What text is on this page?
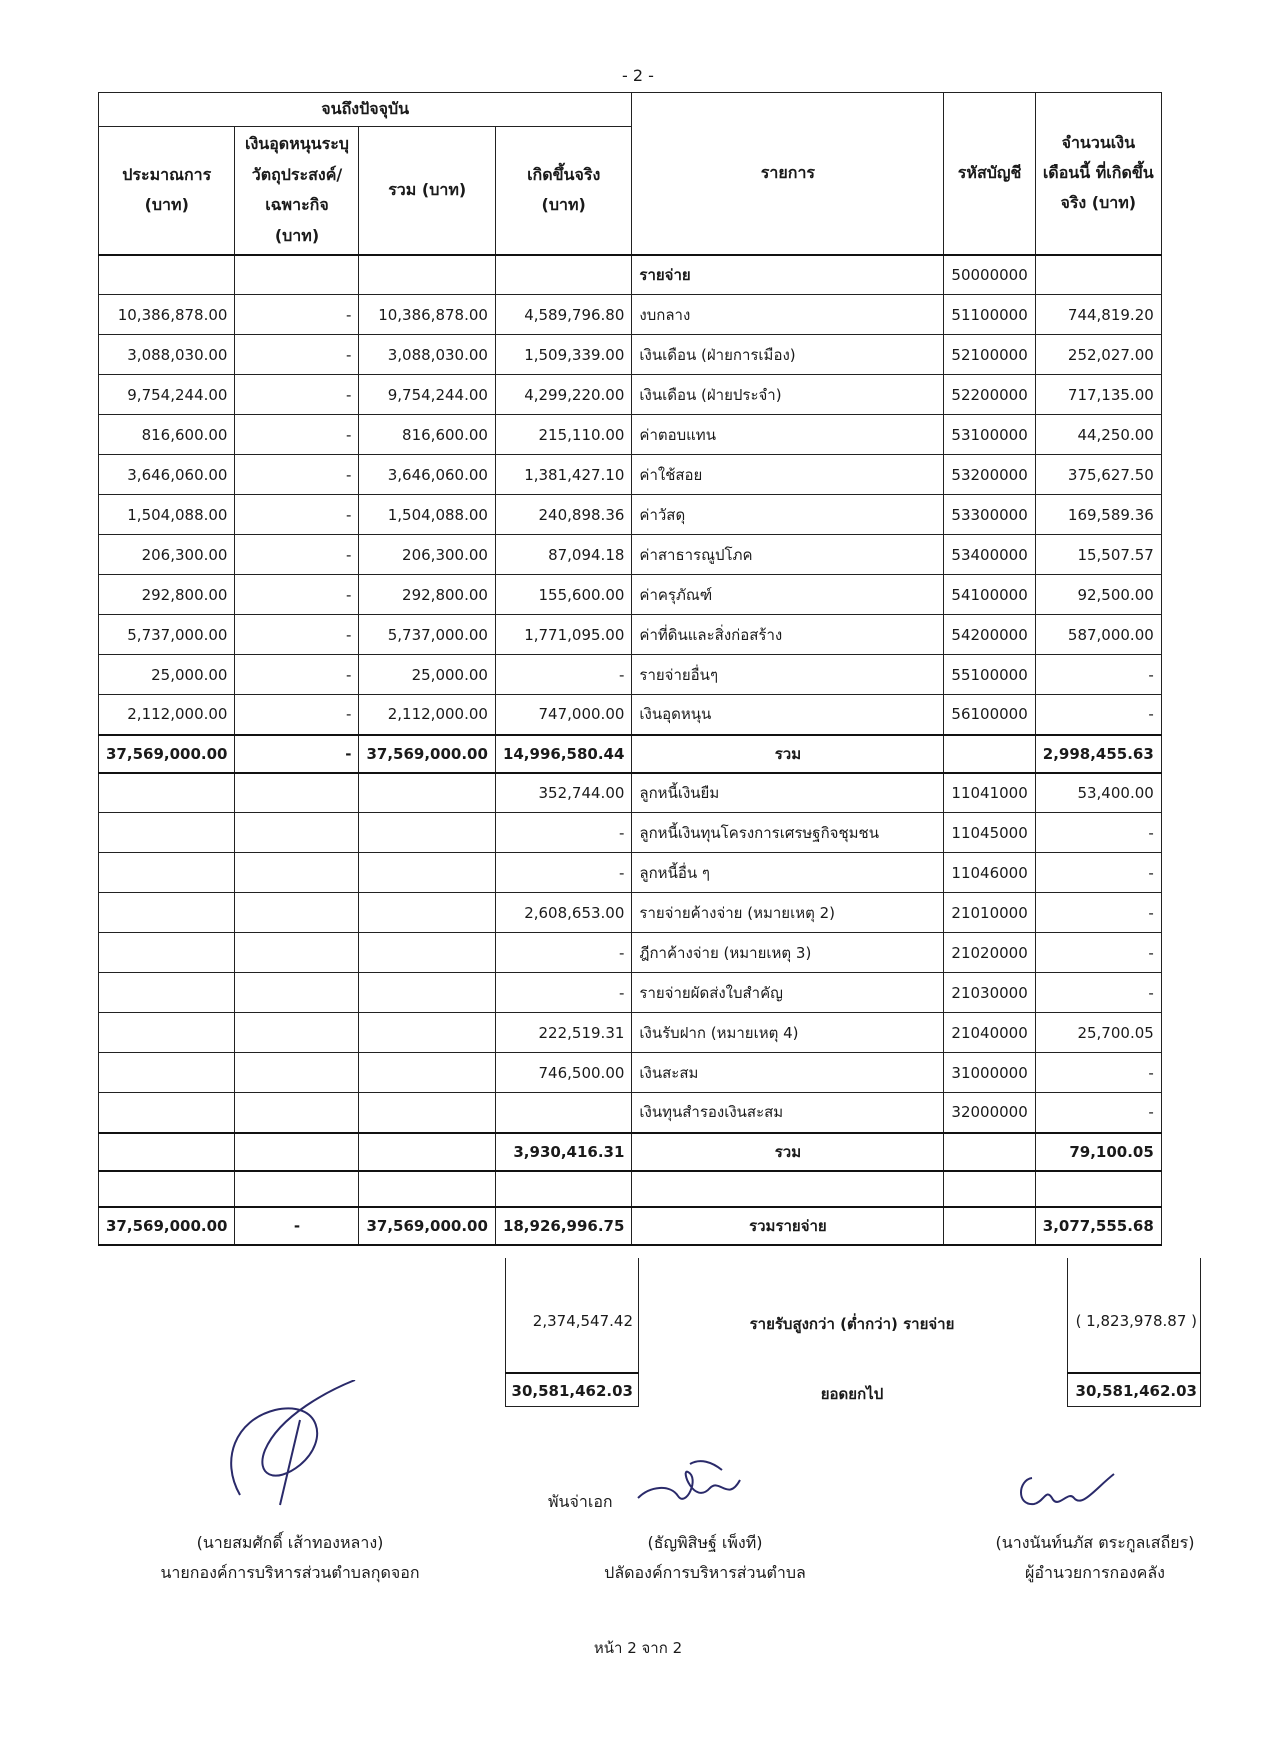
- 2 -
จนถึงปัจจุบัน				รายการ	รหัสบัญชี	จำนวนเงิน เดือนนี้ ที่เกิดขึ้นจริง (บาท)
ประมาณการ (บาท)	เงินอุดหนุนระบุวัตถุประสงค์/ เฉพาะกิจ (บาท)	รวม (บาท)	เกิดขึ้นจริง (บาท)			
				รายจ่าย	50000000	
10,386,878.00	-	10,386,878.00	4,589,796.80	งบกลาง	51100000	744,819.20
3,088,030.00	-	3,088,030.00	1,509,339.00	เงินเดือน (ฝ่ายการเมือง)	52100000	252,027.00
9,754,244.00	-	9,754,244.00	4,299,220.00	เงินเดือน (ฝ่ายประจำ)	52200000	717,135.00
816,600.00	-	816,600.00	215,110.00	ค่าตอบแทน	53100000	44,250.00
3,646,060.00	-	3,646,060.00	1,381,427.10	ค่าใช้สอย	53200000	375,627.50
1,504,088.00	-	1,504,088.00	240,898.36	ค่าวัสดุ	53300000	169,589.36
206,300.00	-	206,300.00	87,094.18	ค่าสาธารณูปโภค	53400000	15,507.57
292,800.00	-	292,800.00	155,600.00	ค่าครุภัณฑ์	54100000	92,500.00
5,737,000.00	-	5,737,000.00	1,771,095.00	ค่าที่ดินและสิ่งก่อสร้าง	54200000	587,000.00
25,000.00	-	25,000.00	-	รายจ่ายอื่นๆ	55100000	-
2,112,000.00	-	2,112,000.00	747,000.00	เงินอุดหนุน	56100000	-
37,569,000.00	-	37,569,000.00	14,996,580.44	รวม		2,998,455.63
			352,744.00	ลูกหนี้เงินยืม	11041000	53,400.00
			-	ลูกหนี้เงินทุนโครงการเศรษฐกิจชุมชน	11045000	-
			-	ลูกหนี้อื่น ๆ	11046000	-
			2,608,653.00	รายจ่ายค้างจ่าย (หมายเหตุ 2)	21010000	-
			-	ฎีกาค้างจ่าย (หมายเหตุ 3)	21020000	-
			-	รายจ่ายผัดส่งใบสำคัญ	21030000	-
			222,519.31	เงินรับฝาก (หมายเหตุ 4)	21040000	25,700.05
			746,500.00	เงินสะสม	31000000	-
				เงินทุนสำรองเงินสะสม	32000000	-
			3,930,416.31	รวม		79,100.05

37,569,000.00	-	37,569,000.00	18,926,996.75	รวมรายจ่าย		3,077,555.68
2,374,547.42	รายรับสูงกว่า (ต่ำกว่า) รายจ่าย	( 1,823,978.87 )
30,581,462.03	ยอดยกไป	30,581,462.03
(นายสมศักดิ์ เส้าทองหลาง)
นายกองค์การบริหารส่วนตำบลกุดจอก
พันจ่าเอก
(ธัญพิสิษฐ์ เพ็งที)
ปลัดองค์การบริหารส่วนตำบล
(นางนันท์นภัส ตระกูลเสถียร)
ผู้อำนวยการกองคลัง
หน้า 2 จาก 2
